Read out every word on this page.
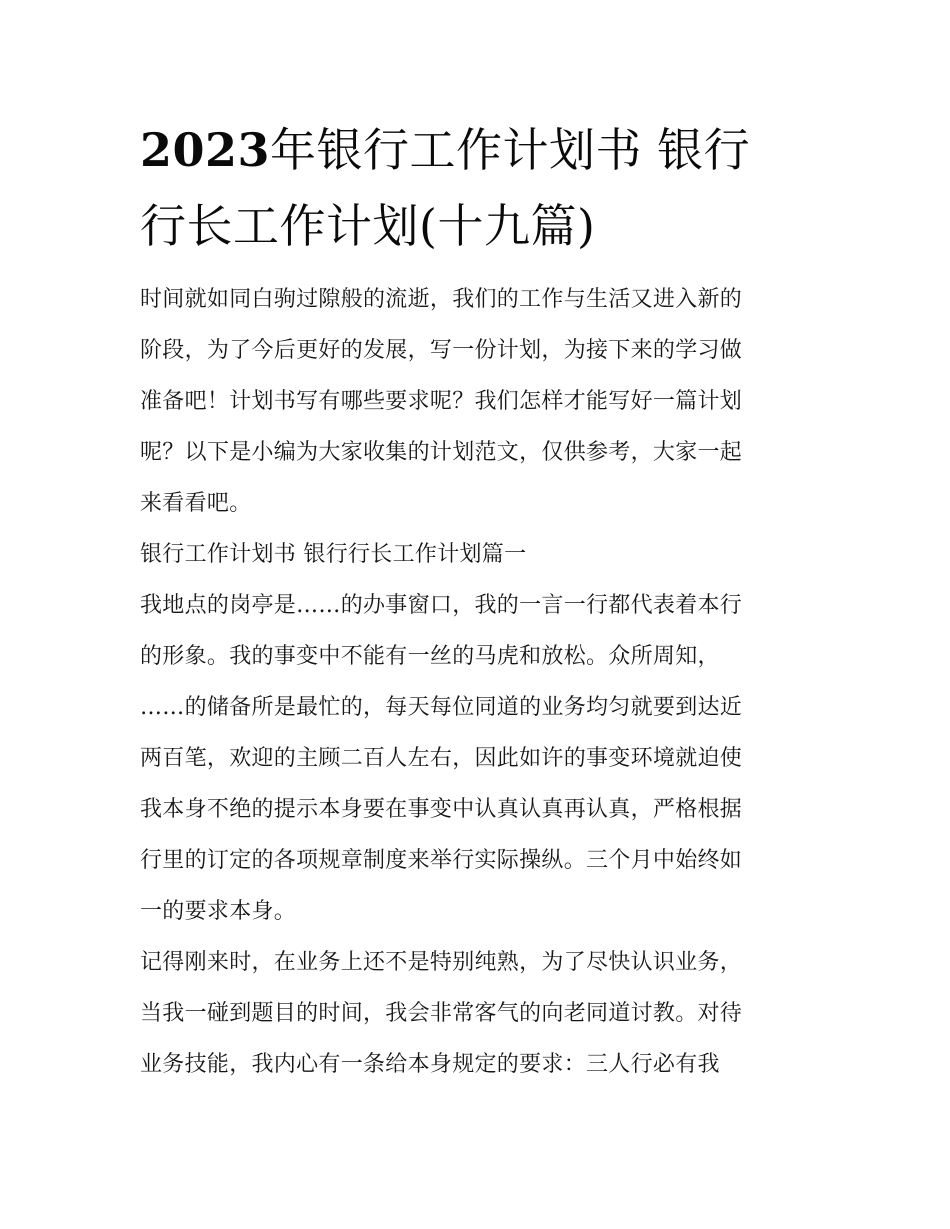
2023年银行工作计划书 银行
行长工作计划(十九篇)

时间就如同白驹过隙般的流逝，我们的工作与生活又进入新的
阶段，为了今后更好的发展，写一份计划，为接下来的学习做
准备吧！计划书写有哪些要求呢？我们怎样才能写好一篇计划
呢？以下是小编为大家收集的计划范文，仅供参考，大家一起
来看看吧。

银行工作计划书 银行行长工作计划篇一

我地点的岗亭是……的办事窗口，我的一言一行都代表着本行
的形象。我的事变中不能有一丝的马虎和放松。众所周知，
……的储备所是最忙的，每天每位同道的业务均匀就要到达近
两百笔，欢迎的主顾二百人左右，因此如许的事变环境就迫使
我本身不绝的提示本身要在事变中认真认真再认真，严格根据
行里的订定的各项规章制度来举行实际操纵。三个月中始终如
一的要求本身。

记得刚来时，在业务上还不是特别纯熟，为了尽快认识业务，
当我一碰到题目的时间，我会非常客气的向老同道讨教。对待
业务技能，我内心有一条给本身规定的要求：三人行必有我
